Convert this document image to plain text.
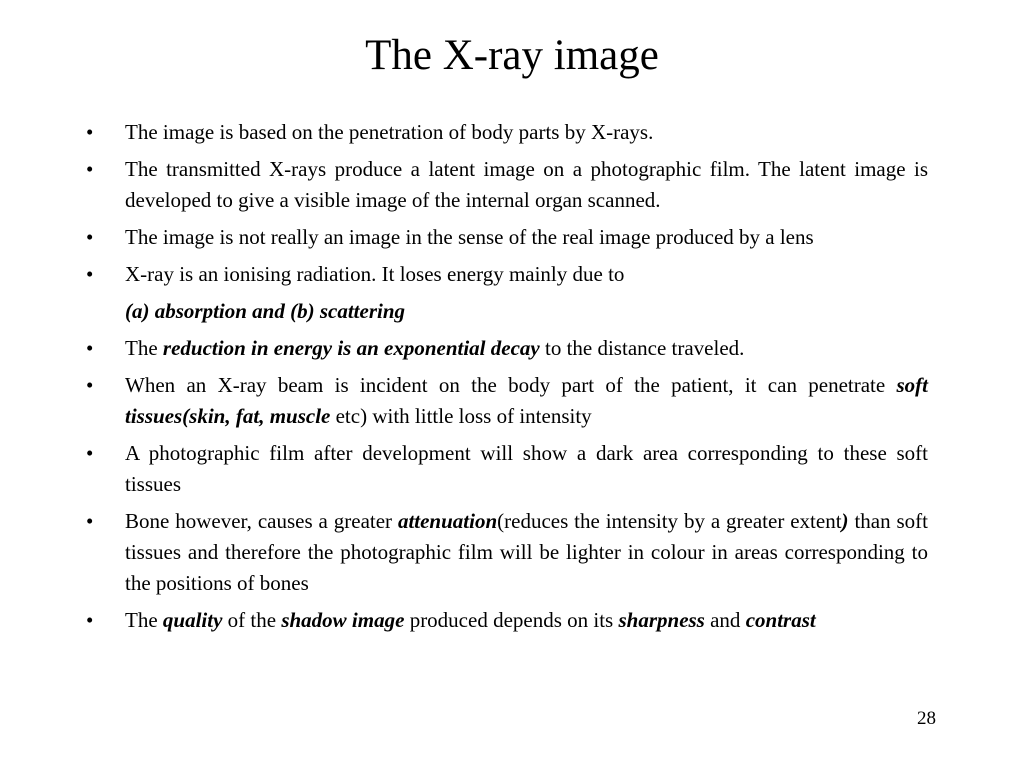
The X-ray image
•	The image is based on the penetration of body parts by X-rays.
•	The transmitted X-rays produce a latent image on a photographic film. The latent image is developed to give a visible image of the internal organ scanned.
•	The image is not really an image in the sense of the real image produced by a lens
•	X-ray is an ionising radiation. It loses energy mainly due to
(a) absorption and (b) scattering
•	The reduction in energy is an exponential decay to the distance traveled.
•	When an X-ray beam is incident on the body part of the patient, it can penetrate soft tissues(skin, fat, muscle etc) with little loss of intensity
•	A photographic film after development will show a dark area corresponding to these soft tissues
•	Bone however, causes a greater attenuation(reduces the intensity by a greater extent) than soft tissues and therefore the photographic film will be lighter in colour in areas corresponding to the positions of bones
•	The quality of the shadow image produced depends on its sharpness and contrast
28
